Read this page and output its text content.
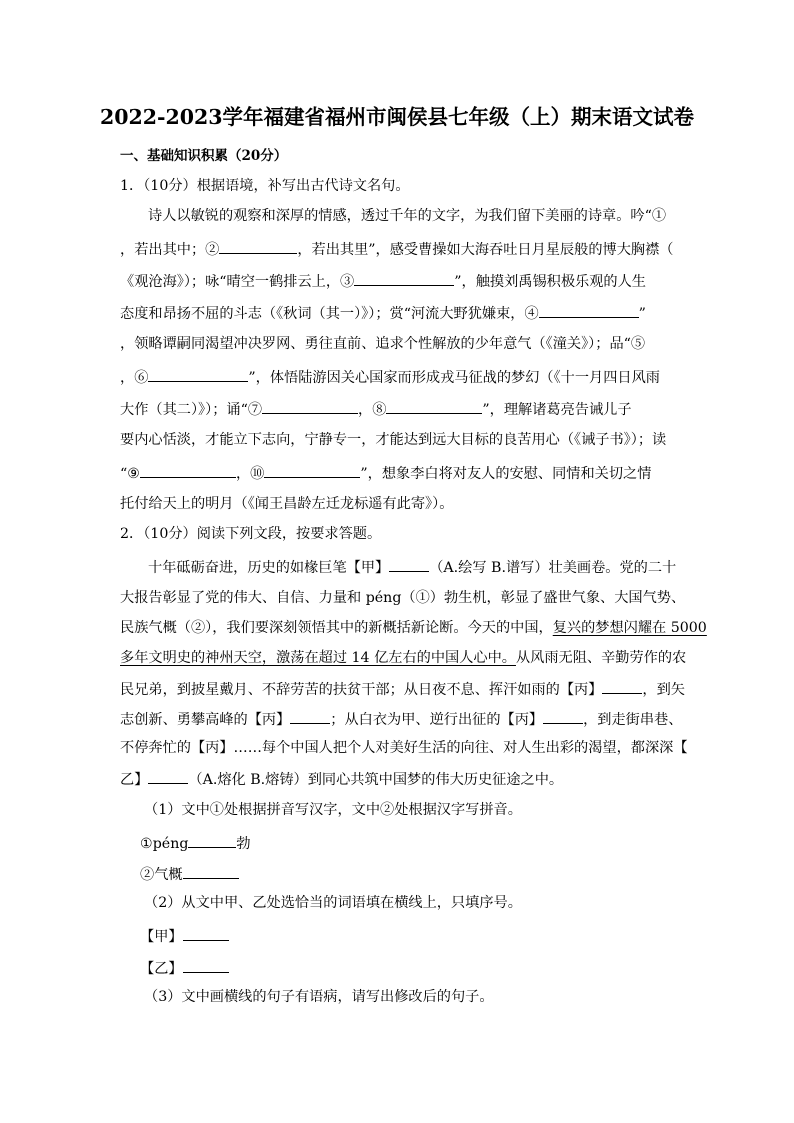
2022-2023学年福建省福州市闽侯县七年级（上）期末语文试卷
一、基础知识积累（20分）
1．（10分）根据语境，补写出古代诗文名句。
诗人以敏锐的观察和深厚的情感，透过千年的文字，为我们留下美丽的诗章。吟“①
，若出其中；②	，若出其里”，感受曹操如大海吞吐日月星辰般的博大胸襟（
《观沧海》）；咏“晴空一鹤排云上，③	”，触摸刘禹锡积极乐观的人生
态度和昂扬不屈的斗志（《秋词（其一）》）；赏“河流大野犹嫌束，④	”
，领略谭嗣同渴望冲决罗网、勇往直前、追求个性解放的少年意气（《潼关》）；品“⑤
，⑥	”，体悟陆游因关心国家而形成戎马征战的梦幻（《十一月四日风雨
大作（其二）》）；诵“⑦	，⑧	”，理解诸葛亮告诫儿子
要内心恬淡，才能立下志向，宁静专一，才能达到远大目标的良苦用心（《诫子书》）；读
“⑨	，⑩	”，想象李白将对友人的安慰、同情和关切之情
托付给天上的明月（《闻王昌龄左迁龙标遥有此寄》）。
2．（10分）阅读下列文段，按要求答题。
十年砥砺奋进，历史的如椽巨笔【甲】	（A.绘写 B.谱写）壮美画卷。党的二十
大报告彰显了党的伟大、自信、力量和 péng（①）勃生机，彰显了盛世气象、大国气势、
民族气概（②），我们要深刻领悟其中的新概括新论断。今天的中国，复兴的梦想闪耀在 5000
多年文明史的神州天空，激荡在超过 14 亿左右的中国人心中。从风雨无阻、辛勤劳作的农
民兄弟，到披星戴月、不辞劳苦的扶贫干部；从日夜不息、挥汗如雨的【丙】	，到矢
志创新、勇攀高峰的【丙】	；从白衣为甲、逆行出征的【丙】	，到走街串巷、
不停奔忙的【丙】……每个中国人把个人对美好生活的向往、对人生出彩的渴望，都深深【
乙】	（A.熔化 B.熔铸）到同心共筑中国梦的伟大历史征途之中。
（1）文中①处根据拼音写汉字，文中②处根据汉字写拼音。
①péng	勃
②气概
（2）从文中甲、乙处选恰当的词语填在横线上，只填序号。
【甲】
【乙】
（3）文中画横线的句子有语病，请写出修改后的句子。
